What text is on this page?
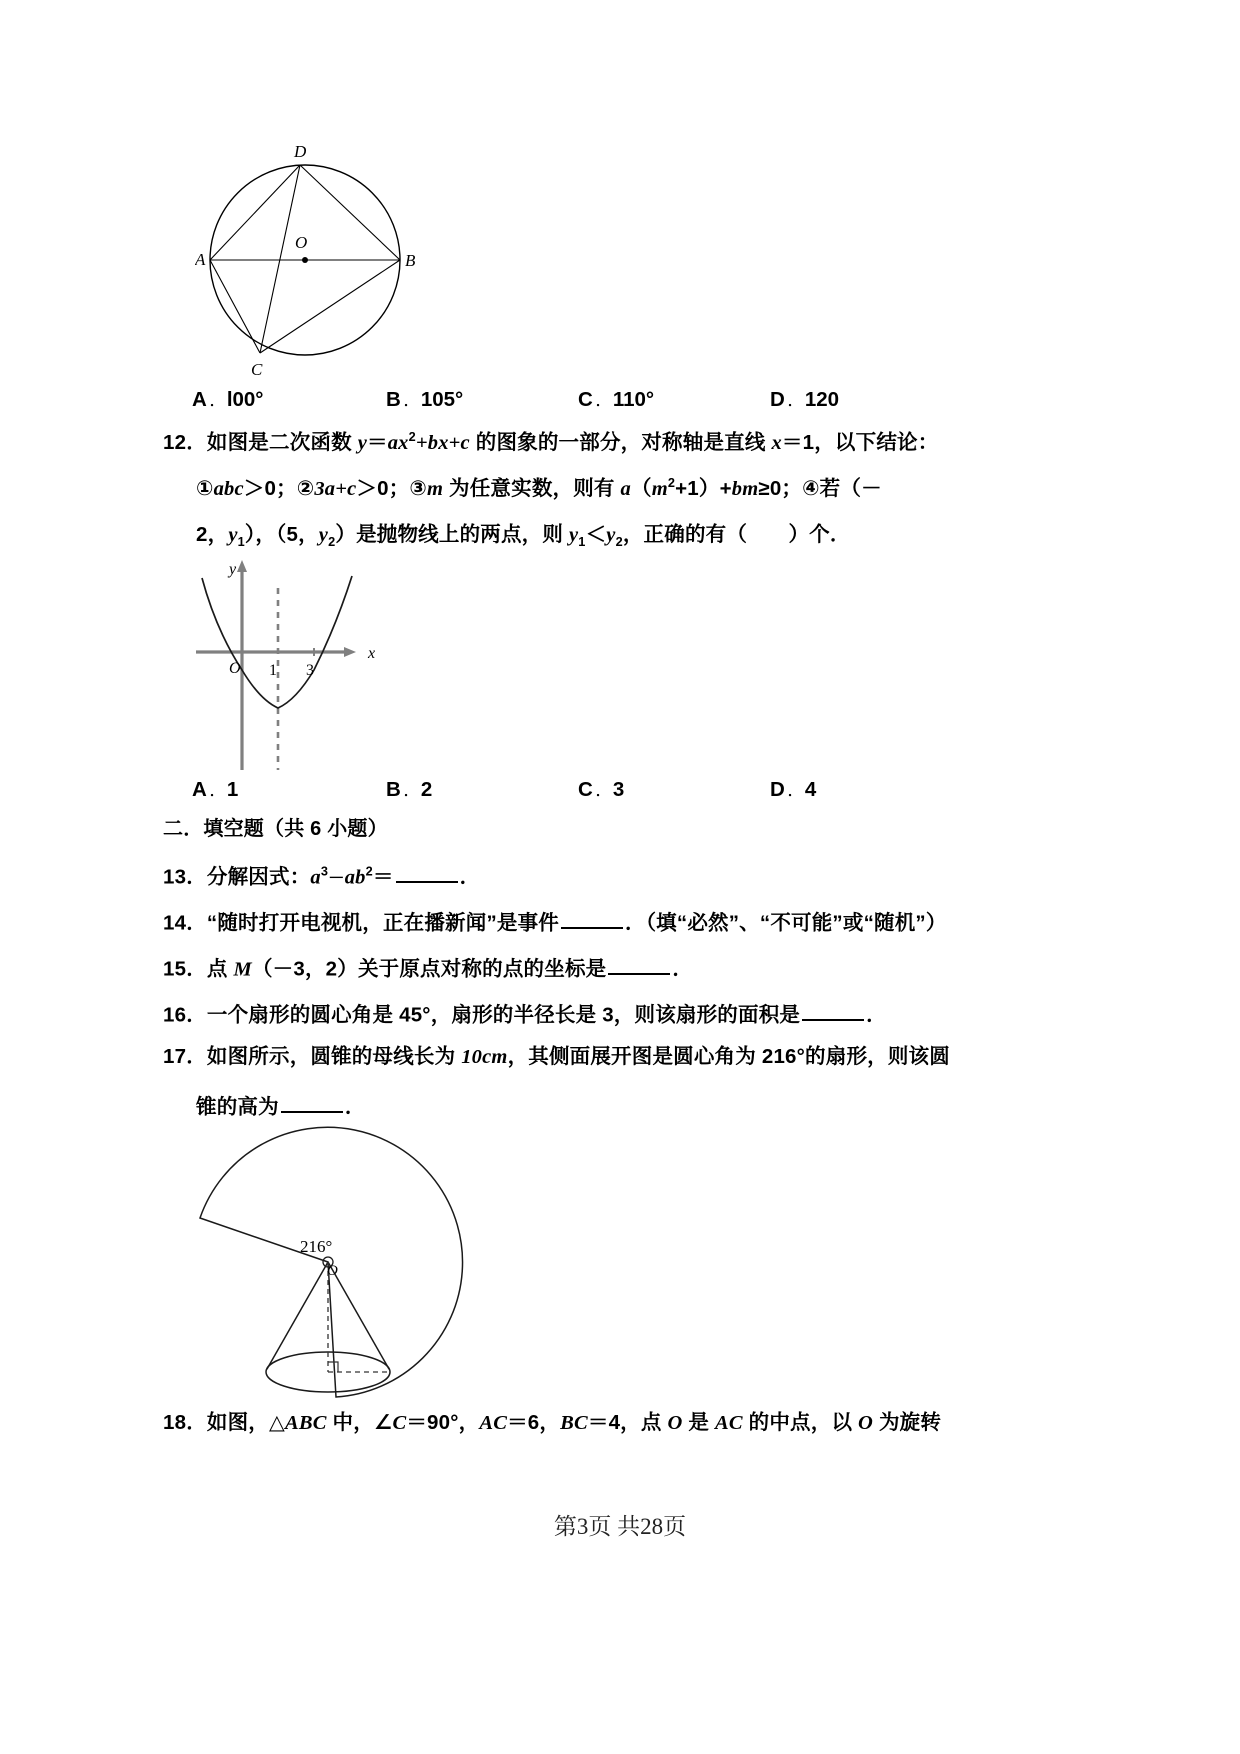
D
O
A	B
C
A ． l00°	B ． 105°	C ． 110°	D ． 120
12．如图是二次函数 $y=ax^2+bx+c$ 的图象的一部分，对称轴是直线 x＝1，以下结论：
①abc＞0；②3a+c＞0；③m 为任意实数，则有 $a(m^2+1)+bm\ge 0$；④若（－
2，$y_1$），（5，$y_2$）是抛物线上的两点，则 $y_1<y_2$，正确的有（　　）个．
O 1 3
x
y
A ． 1	B ． 2	C ． 3	D ． 4
二．填空题（共 6 小题）
13．分解因式：$a^3-ab^2=$	．
14．“随时打开电视机，正在播新闻”是事件	．（填“必然”、“不可能”或“随机”）
15．点 M（－3，2）关于原点对称的点的坐标是	．
16．一个扇形的圆心角是 45°，扇形的半径长是 3，则该扇形的面积是	．
17．如图所示，圆锥的母线长为 10cm，其侧面展开图是圆心角为 216°的扇形，则该圆
锥的高为	．
216°
O
18．如图，△ABC 中，∠C＝90°，AC＝6，BC＝4，点 O 是 AC 的中点，以 O 为旋转
第3页 共28页
